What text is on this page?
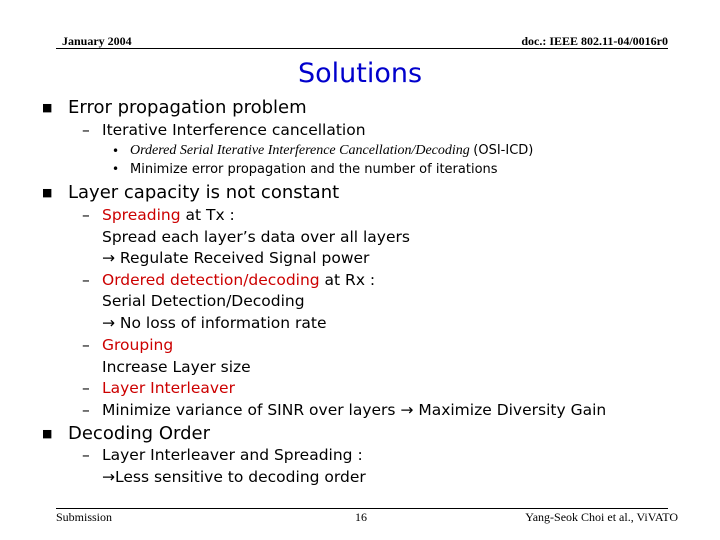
January 2004	doc.: IEEE 802.11-04/0016r0
Solutions
■ Error propagation problem
– Iterative Interference cancellation
• Ordered Serial Iterative Interference Cancellation/Decoding (OSI-ICD)
• Minimize error propagation and the number of iterations
■ Layer capacity is not constant
– Spreading at Tx :
Spread each layer’s data over all layers
→ Regulate Received Signal power
– Ordered detection/decoding at Rx :
Serial Detection/Decoding
→ No loss of information rate
– Grouping
Increase Layer size
– Layer Interleaver
– Minimize variance of SINR over layers → Maximize Diversity Gain
■ Decoding Order
– Layer Interleaver and Spreading :
→Less sensitive to decoding order
Submission	16	Yang-Seok Choi et al., ViVATO
